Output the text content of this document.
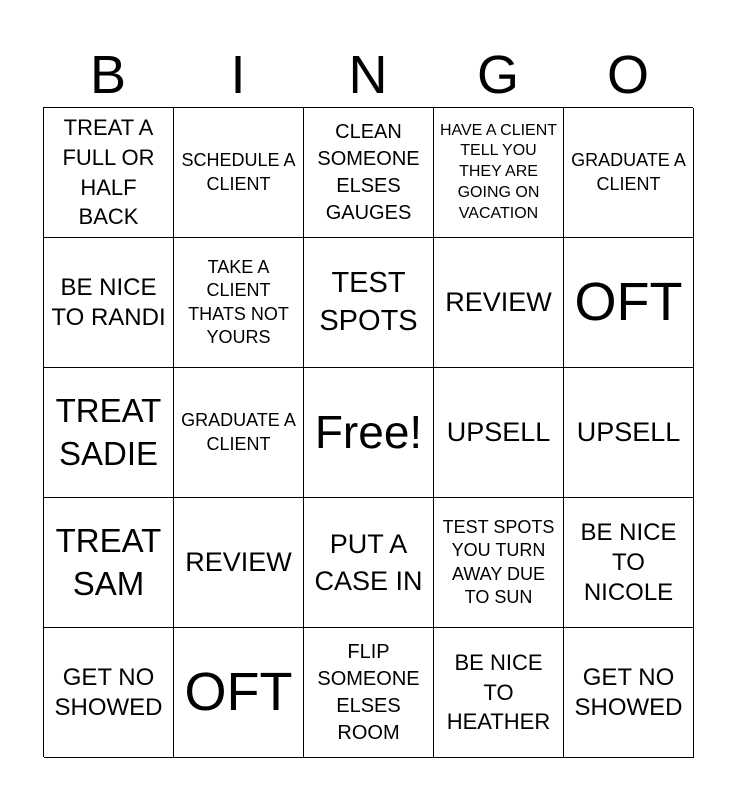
B	I	N	G	O
TREAT A FULL OR HALF BACK
SCHEDULE A CLIENT
CLEAN SOMEONE ELSES GAUGES
HAVE A CLIENT TELL YOU THEY ARE GOING ON VACATION
GRADUATE A CLIENT
BE NICE TO RANDI
TAKE A CLIENT THATS NOT YOURS
TEST SPOTS
REVIEW OFT
TREAT SADIE
GRADUATE A CLIENT Free! UPSELL UPSELL
TREAT SAM
REVIEW
PUT A CASE IN
TEST SPOTS YOU TURN AWAY DUE TO SUN
BE NICE TO NICOLE
GET NO SHOWED OFT
FLIP SOMEONE ELSES ROOM
BE NICE TO HEATHER
GET NO SHOWED
